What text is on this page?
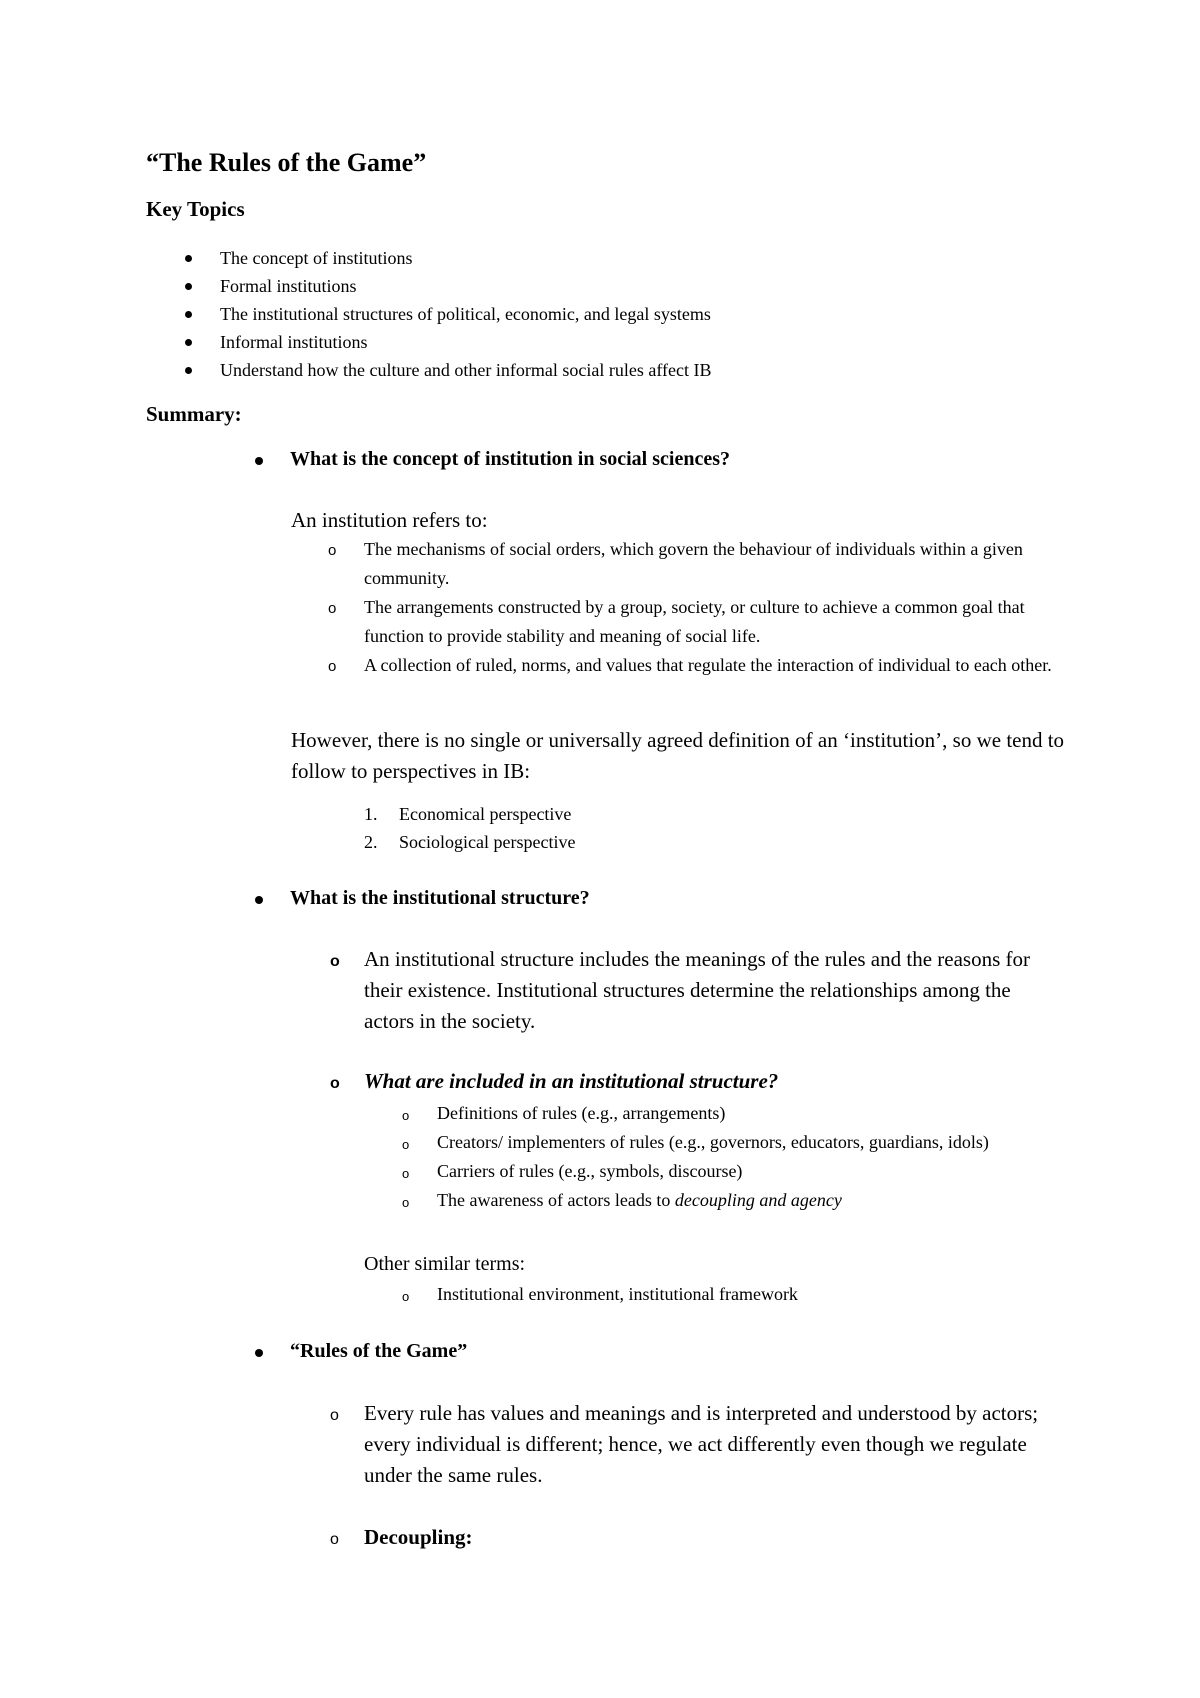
“The Rules of the Game”
Key Topics
The concept of institutions
Formal institutions
The institutional structures of political, economic, and legal systems
Informal institutions
Understand how the culture and other informal social rules affect IB
Summary:

What is the concept of institution in social sciences?

An institution refers to:

o The mechanisms of social orders, which govern the behaviour of individuals within a given community.
o The arrangements constructed by a group, society, or culture to achieve a common goal that function to provide stability and meaning of social life.
o A collection of ruled, norms, and values that regulate the interaction of individual to each other.

However, there is no single or universally agreed definition of an ‘institution’, so we tend to follow to perspectives in IB:

1. Economical perspective
2. Sociological perspective

What is the institutional structure?

o An institutional structure includes the meanings of the rules and the reasons for their existence. Institutional structures determine the relationships among the actors in the society.
o What are included in an institutional structure?
o Definitions of rules (e.g., arrangements)
o Creators/ implementers of rules (e.g., governors, educators, guardians, idols)
o Carriers of rules (e.g., symbols, discourse)
o The awareness of actors leads to decoupling and agency

Other similar terms:

o Institutional environment, institutional framework

“Rules of the Game”

o Every rule has values and meanings and is interpreted and understood by actors; every individual is different; hence, we act differently even though we regulate under the same rules.
o Decoupling:
